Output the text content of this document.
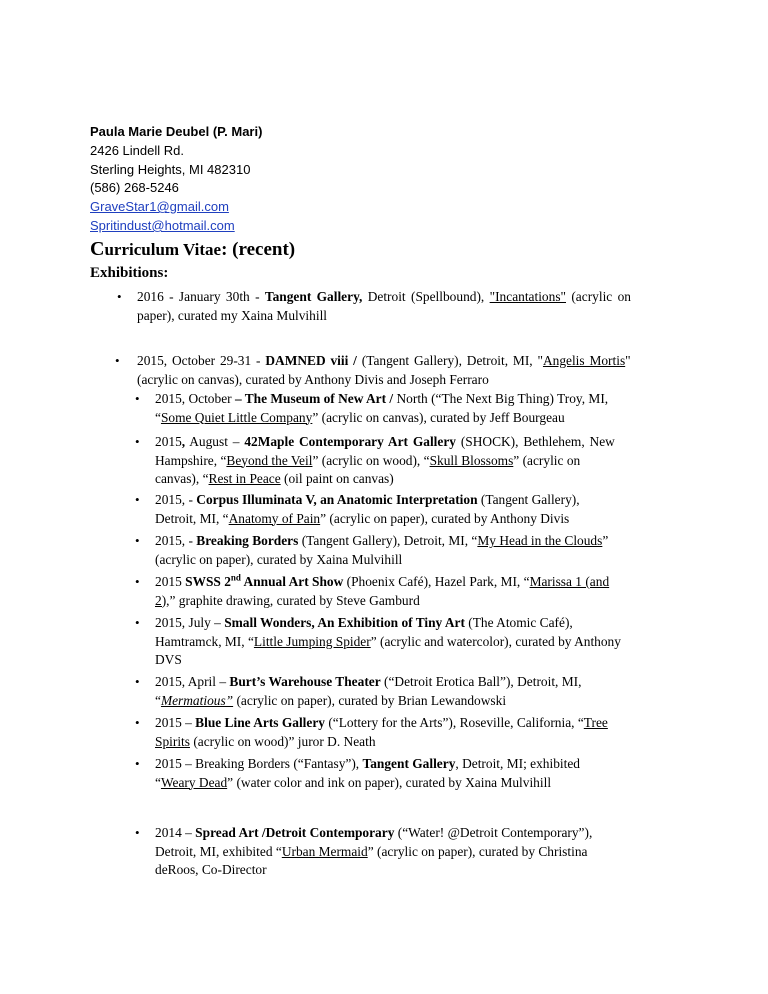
Paula Marie Deubel (P. Mari)
2426 Lindell Rd.
Sterling Heights, MI 482310
(586) 268-5246
GraveStar1@gmail.com
Spritindust@hotmail.com
Curriculum Vitae: (recent)
Exhibitions:
• 2016 - January 30th - Tangent Gallery, Detroit (Spellbound), "Incantations" (acrylic on
paper), curated my Xaina Mulvihill
• 2015, October 29-31 - DAMNED viii / (Tangent Gallery), Detroit, MI, "Angelis Mortis"
(acrylic on canvas), curated by Anthony Divis and Joseph Ferraro
• 2015, October – The Museum of New Art / North (“The Next Big Thing) Troy, MI,
“Some Quiet Little Company” (acrylic on canvas), curated by Jeff Bourgeau
• 2015, August – 42Maple Contemporary Art Gallery (SHOCK), Bethlehem, New
Hampshire, “Beyond the Veil” (acrylic on wood), “Skull Blossoms” (acrylic on
canvas), “Rest in Peace (oil paint on canvas)
• 2015, - Corpus Illuminata V, an Anatomic Interpretation (Tangent Gallery),
Detroit, MI, “Anatomy of Pain” (acrylic on paper), curated by Anthony Divis
• 2015, - Breaking Borders (Tangent Gallery), Detroit, MI, “My Head in the Clouds”
(acrylic on paper), curated by Xaina Mulvihill
• 2015 SWSS 2nd Annual Art Show (Phoenix Café), Hazel Park, MI, “Marissa 1 (and
2),” graphite drawing, curated by Steve Gamburd
• 2015, July – Small Wonders, An Exhibition of Tiny Art (The Atomic Café),
Hamtramck, MI, “Little Jumping Spider” (acrylic and watercolor), curated by Anthony
DVS
• 2015, April – Burt’s Warehouse Theater (“Detroit Erotica Ball”), Detroit, MI,
“Mermatious” (acrylic on paper), curated by Brian Lewandowski
• 2015 – Blue Line Arts Gallery (“Lottery for the Arts”), Roseville, California, “Tree
Spirits (acrylic on wood)” juror D. Neath
• 2015 – Breaking Borders (“Fantasy”), Tangent Gallery, Detroit, MI; exhibited
“Weary Dead” (water color and ink on paper), curated by Xaina Mulvihill
• 2014 – Spread Art /Detroit Contemporary (“Water! @Detroit Contemporary”),
Detroit, MI, exhibited “Urban Mermaid” (acrylic on paper), curated by Christina
deRoos, Co-Director
